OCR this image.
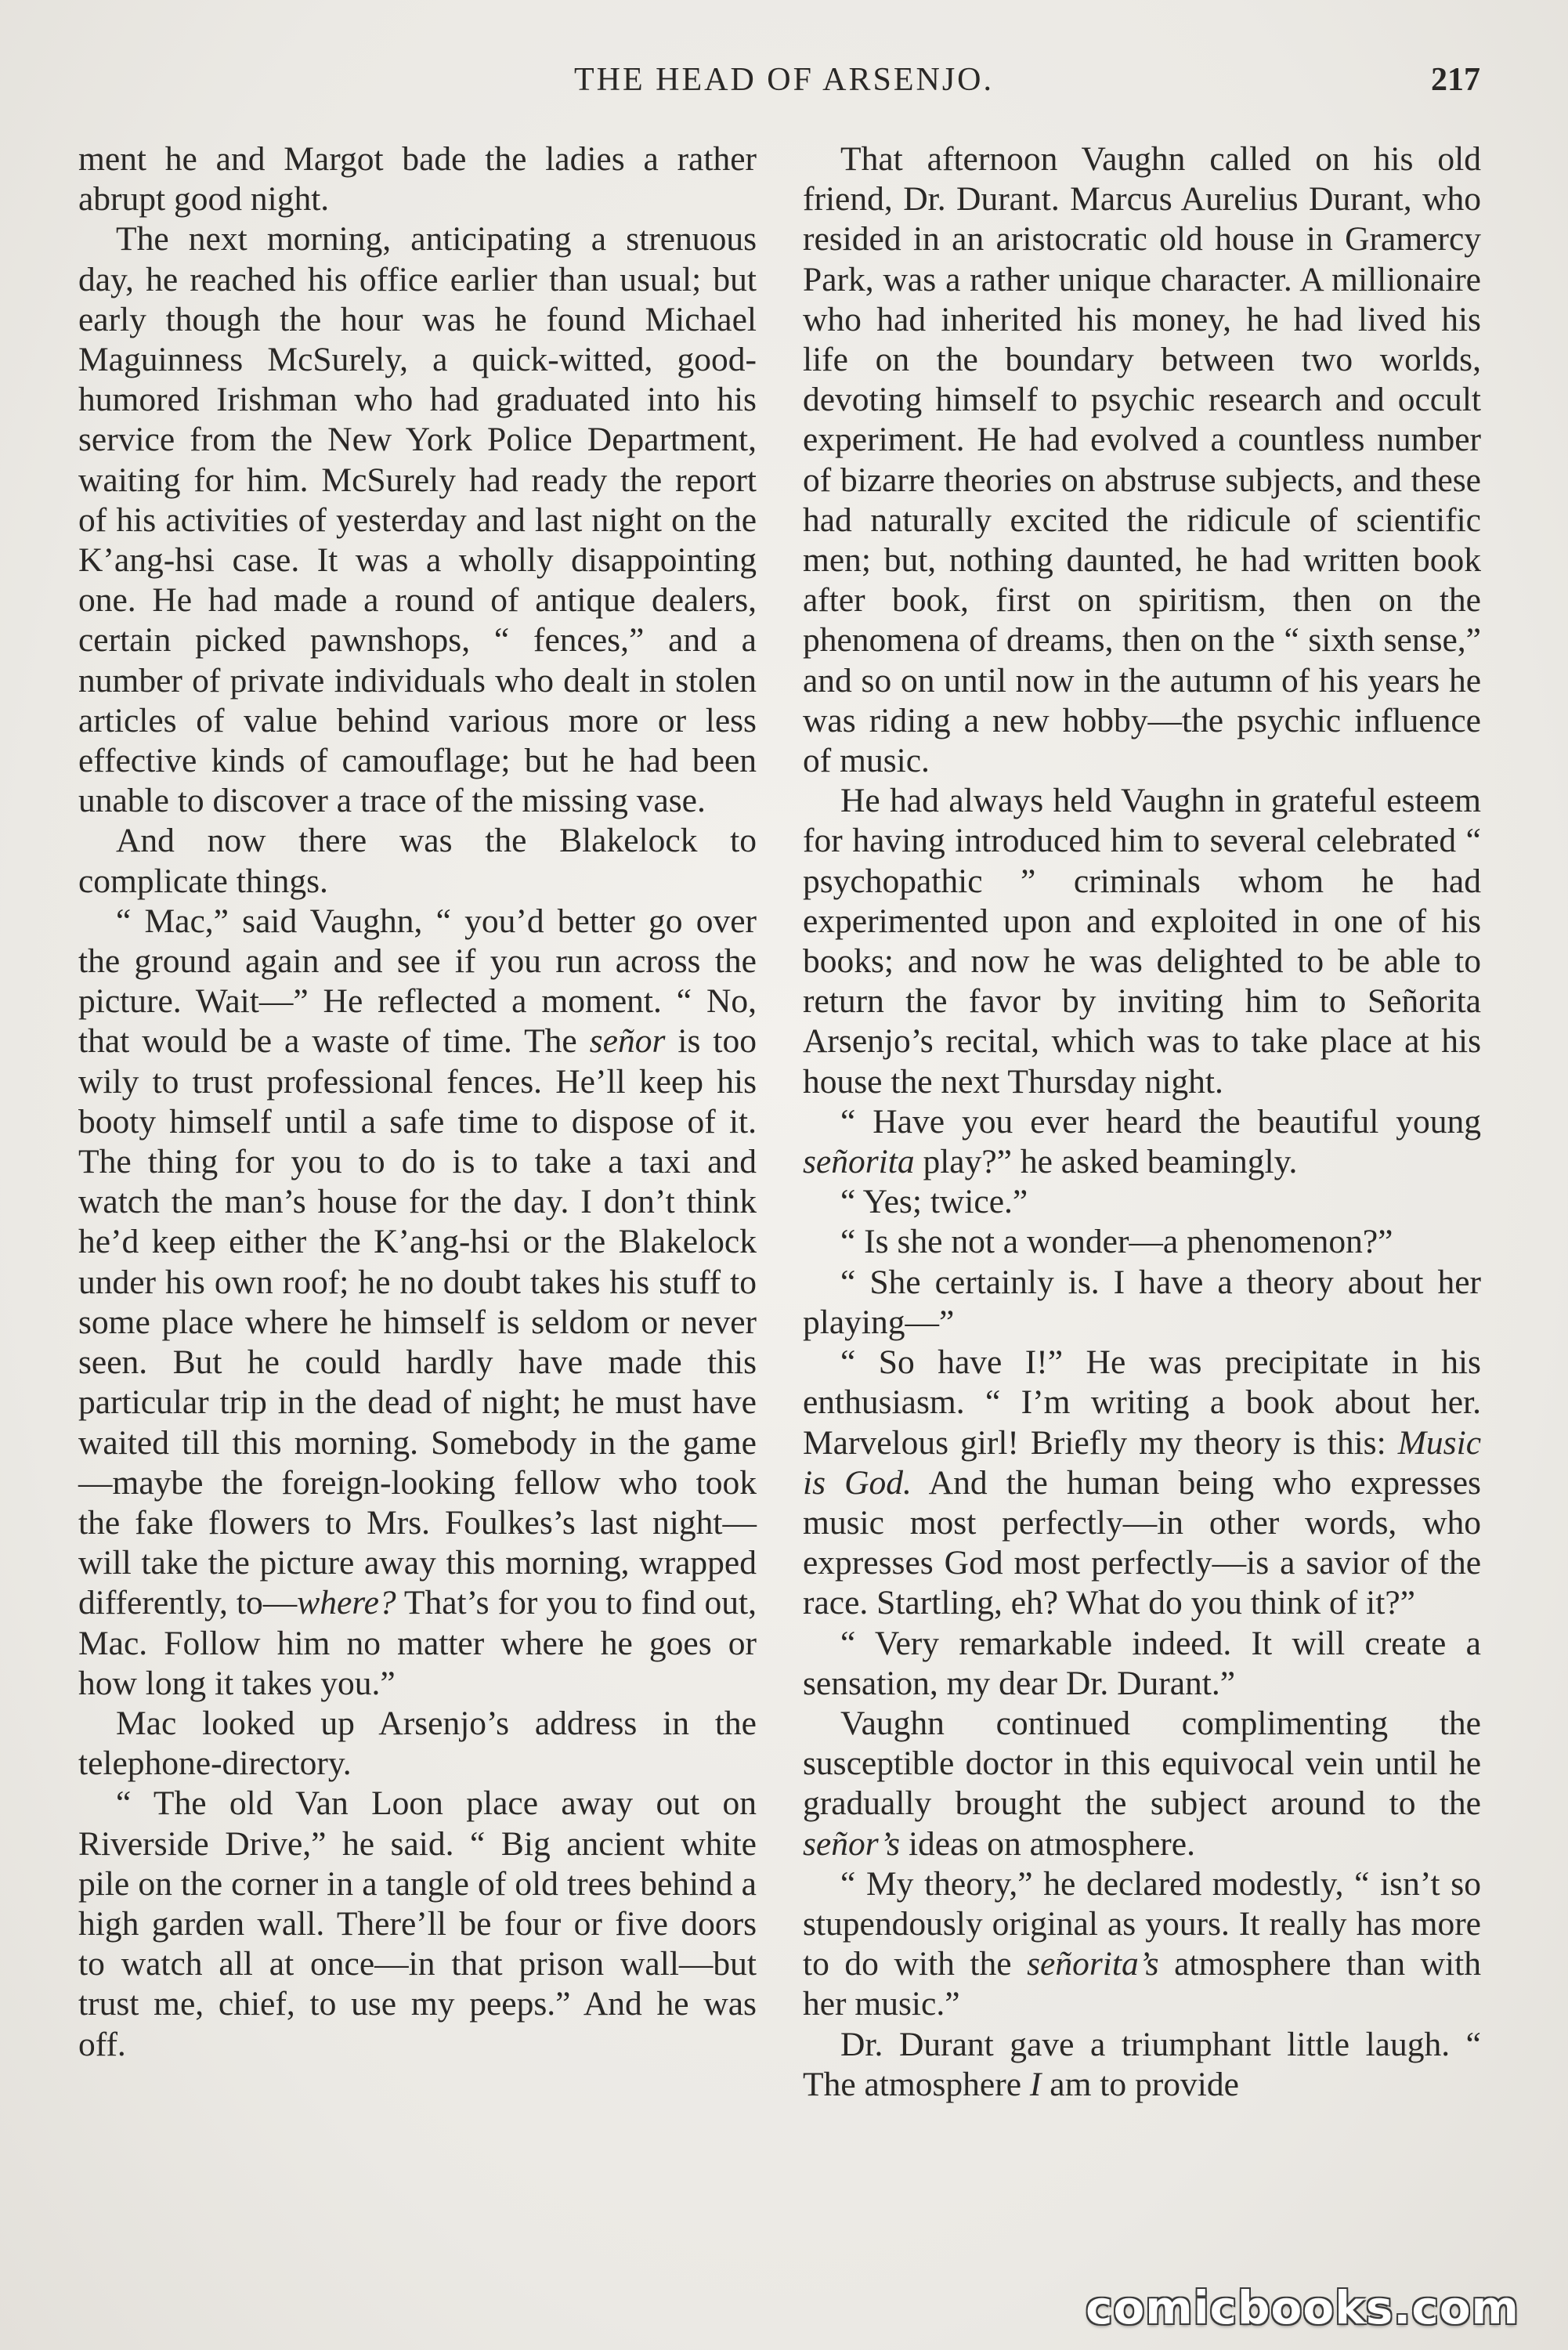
THE HEAD OF ARSENJO.	217

ment he and Margot bade the ladies a rather abrupt good night.

The next morning, anticipating a strenuous day, he reached his office earlier than usual; but early though the hour was he found Michael Maguinness McSurely, a quick-witted, good-humored Irishman who had graduated into his service from the New York Police Department, waiting for him. McSurely had ready the report of his activities of yesterday and last night on the K’ang-hsi case. It was a wholly disappointing one. He had made a round of antique dealers, certain picked pawnshops, “ fences,” and a number of private individuals who dealt in stolen articles of value behind various more or less effective kinds of camouflage; but he had been unable to discover a trace of the missing vase.

And now there was the Blakelock to complicate things.

“ Mac,” said Vaughn, “ you’d better go over the ground again and see if you run across the picture. Wait—” He reflected a moment. “ No, that would be a waste of time. The señor is too wily to trust professional fences. He’ll keep his booty himself until a safe time to dispose of it. The thing for you to do is to take a taxi and watch the man’s house for the day. I don’t think he’d keep either the K’ang-hsi or the Blakelock under his own roof; he no doubt takes his stuff to some place where he himself is seldom or never seen. But he could hardly have made this particular trip in the dead of night; he must have waited till this morning. Somebody in the game—maybe the foreign-looking fellow who took the fake flowers to Mrs. Foulkes’s last night—will take the picture away this morning, wrapped differently, to—where? That’s for you to find out, Mac. Follow him no matter where he goes or how long it takes you.”

Mac looked up Arsenjo’s address in the telephone-directory.

“ The old Van Loon place away out on Riverside Drive,” he said. “ Big ancient white pile on the corner in a tangle of old trees behind a high garden wall. There’ll be four or five doors to watch all at once—in that prison wall—but trust me, chief, to use my peeps.” And he was off.

That afternoon Vaughn called on his old friend, Dr. Durant. Marcus Aurelius Durant, who resided in an aristocratic old house in Gramercy Park, was a rather unique character. A millionaire who had inherited his money, he had lived his life on the boundary between two worlds, devoting himself to psychic research and occult experiment. He had evolved a countless number of bizarre theories on abstruse subjects, and these had naturally excited the ridicule of scientific men; but, nothing daunted, he had written book after book, first on spiritism, then on the phenomena of dreams, then on the “ sixth sense,” and so on until now in the autumn of his years he was riding a new hobby—the psychic influence of music.

He had always held Vaughn in grateful esteem for having introduced him to several celebrated “ psychopathic ” criminals whom he had experimented upon and exploited in one of his books; and now he was delighted to be able to return the favor by inviting him to Señorita Arsenjo’s recital, which was to take place at his house the next Thursday night.

“ Have you ever heard the beautiful young señorita play?” he asked beamingly.

“ Yes; twice.”

“ Is she not a wonder—a phenomenon?”

“ She certainly is. I have a theory about her playing—”

“ So have I!” He was precipitate in his enthusiasm. “ I’m writing a book about her. Marvelous girl! Briefly my theory is this: Music is God. And the human being who expresses music most perfectly—in other words, who expresses God most perfectly—is a savior of the race. Startling, eh? What do you think of it?”

“ Very remarkable indeed. It will create a sensation, my dear Dr. Durant.”

Vaughn continued complimenting the susceptible doctor in this equivocal vein until he gradually brought the subject around to the señor’s ideas on atmosphere.

“ My theory,” he declared modestly, “ isn’t so stupendously original as yours. It really has more to do with the señorita’s atmosphere than with her music.”

Dr. Durant gave a triumphant little laugh. “ The atmosphere I am to provide

comicbooks.com
